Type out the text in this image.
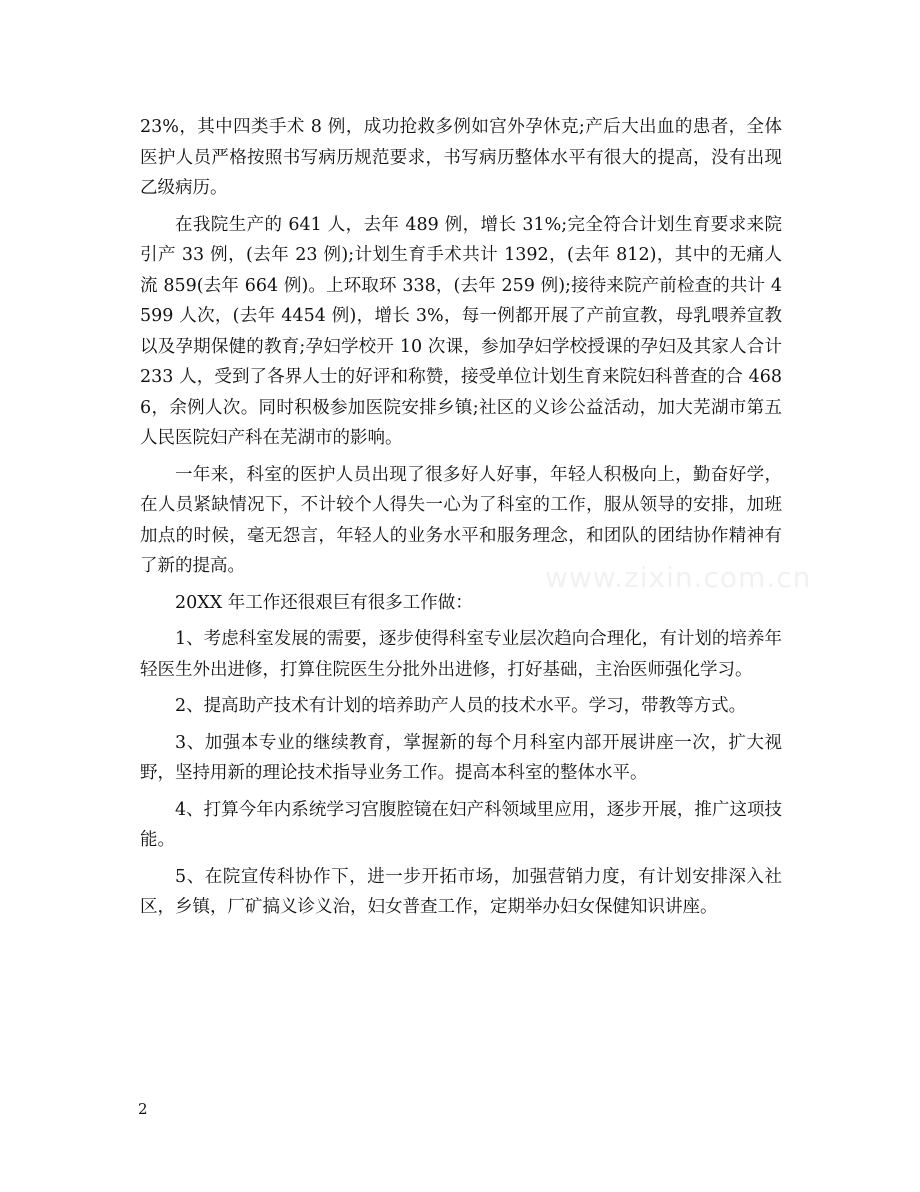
23%，其中四类手术 8 例，成功抢救多例如宫外孕休克;产后大出血的患者，全体医护人员严格按照书写病历规范要求，书写病历整体水平有很大的提高，没有出现乙级病历。

在我院生产的 641 人，去年 489 例，增长 31%;完全符合计划生育要求来院引产 33 例，(去年 23 例);计划生育手术共计 1392，(去年 812)，其中的无痛人流 859(去年 664 例)。上环取环 338，(去年 259 例);接待来院产前检查的共计 4599 人次，(去年 4454 例)，增长 3%，每一例都开展了产前宣教，母乳喂养宣教以及孕期保健的教育;孕妇学校开 10 次课，参加孕妇学校授课的孕妇及其家人合计 233 人，受到了各界人士的好评和称赞，接受单位计划生育来院妇科普查的合 4686，余例人次。同时积极参加医院安排乡镇;社区的义诊公益活动，加大芜湖市第五人民医院妇产科在芜湖市的影响。

一年来，科室的医护人员出现了很多好人好事，年轻人积极向上，勤奋好学，在人员紧缺情况下，不计较个人得失一心为了科室的工作，服从领导的安排，加班加点的时候，毫无怨言，年轻人的业务水平和服务理念，和团队的团结协作精神有了新的提高。

20XX 年工作还很艰巨有很多工作做：

1、考虑科室发展的需要，逐步使得科室专业层次趋向合理化，有计划的培养年轻医生外出进修，打算住院医生分批外出进修，打好基础，主治医师强化学习。

2、提高助产技术有计划的培养助产人员的技术水平。学习，带教等方式。

3、加强本专业的继续教育，掌握新的每个月科室内部开展讲座一次，扩大视野，坚持用新的理论技术指导业务工作。提高本科室的整体水平。

4、打算今年内系统学习宫腹腔镜在妇产科领域里应用，逐步开展，推广这项技能。

5、在院宣传科协作下，进一步开拓市场，加强营销力度，有计划安排深入社区，乡镇，厂矿搞义诊义治，妇女普查工作，定期举办妇女保健知识讲座。

www.zixin.com.cn
2
